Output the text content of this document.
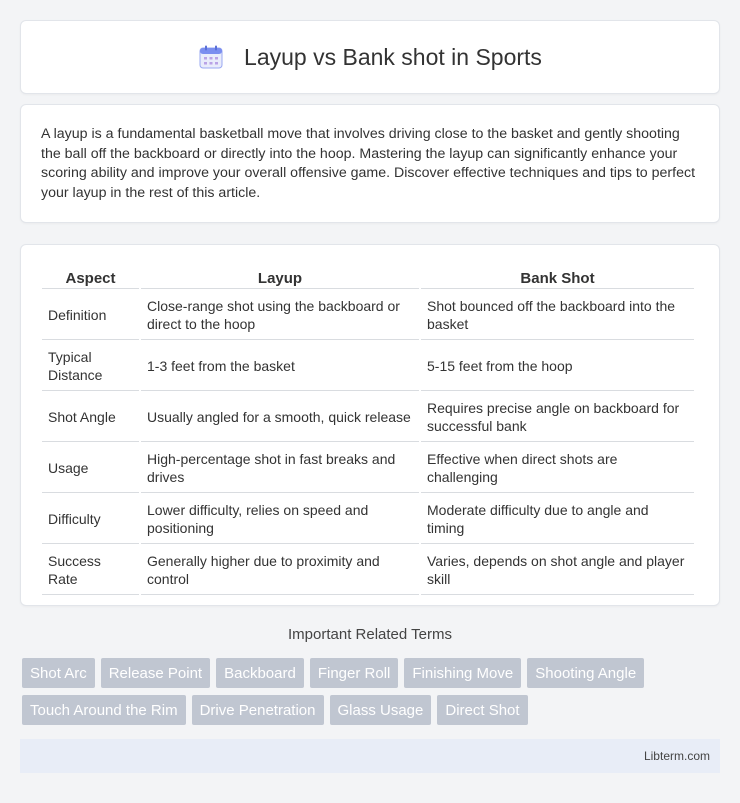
Layup vs Bank shot in Sports

A layup is a fundamental basketball move that involves driving close to the basket and gently shooting the ball off the backboard or directly into the hoop. Mastering the layup can significantly enhance your scoring ability and improve your overall offensive game. Discover effective techniques and tips to perfect your layup in the rest of this article.

Aspect	Layup	Bank Shot
Definition	Close-range shot using the backboard or direct to the hoop	Shot bounced off the backboard into the basket
Typical Distance	1-3 feet from the basket	5-15 feet from the hoop
Shot Angle	Usually angled for a smooth, quick release	Requires precise angle on backboard for successful bank
Usage	High-percentage shot in fast breaks and drives	Effective when direct shots are challenging
Difficulty	Lower difficulty, relies on speed and positioning	Moderate difficulty due to angle and timing
Success Rate	Generally higher due to proximity and control	Varies, depends on shot angle and player skill
Important Related Terms
Shot Arc	Release Point	Backboard	Finger Roll	Finishing Move	Shooting Angle
Touch Around the Rim	Drive Penetration	Glass Usage	Direct Shot
Libterm.com
